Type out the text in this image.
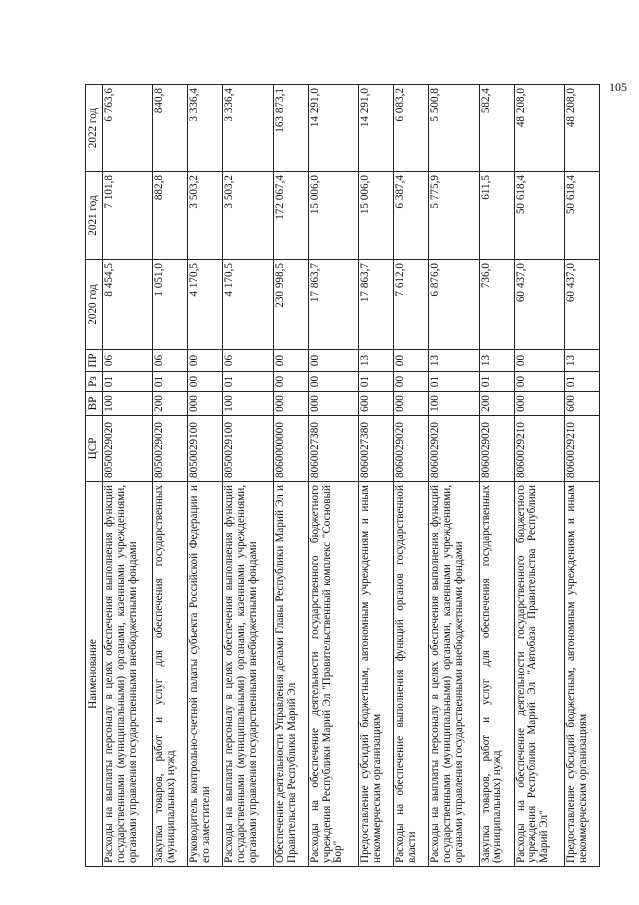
105
Наименование	ЦСР	ВР	Рз	ПР	2020 год	2021 год	2022 год
Расходы на выплаты персоналу в целях обеспечения выполнения функций государственными (муниципальными) органами, казенными учреждениями, органами управления государственными внебюджетными фондами	8050029020	100	01	06	8 454,5	7 101,8	6 763,6
Закупка товаров, работ и услуг для обеспечения государственных (муниципальных) нужд	8050029020	200	01	06	1 051,0	882,8	840,8
Руководитель контрольно-счетной палаты субъекта Российской Федерации и его заместители	8050029100	000	00	00	4 170,5	3 503,2	3 336,4
Расходы на выплаты персоналу в целях обеспечения выполнения функций государственными (муниципальными) органами, казенными учреждениями, органами управления государственными внебюджетными фондами	8050029100	100	01	06	4 170,5	3 503,2	3 336,4
Обеспечение деятельности Управления делами Главы Республики Марий Эл и Правительства Республики Марий Эл	8060000000	000	00	00	230 998,5	172 067,4	163 873,1
Расходы на обеспечение деятельности государственного бюджетного учреждения Республики Марий Эл "Правительственный комплекс "Сосновый Бор"	8060027380	000	00	00	17 863,7	15 006,0	14 291,0
Предоставление субсидий бюджетным, автономным учреждениям и иным некоммерческим организациям	8060027380	600	01	13	17 863,7	15 006,0	14 291,0
Расходы на обеспечение выполнения функций органов государственной власти	8060029020	000	00	00	7 612,0	6 387,4	6 083,2
Расходы на выплаты персоналу в целях обеспечения выполнения функций государственными (муниципальными) органами, казенными учреждениями, органами управления государственными внебюджетными фондами	8060029020	100	01	13	6 876,0	5 775,9	5 500,8
Закупка товаров, работ и услуг для обеспечения государственных (муниципальных) нужд	8060029020	200	01	13	736,0	611,5	582,4
Расходы на обеспечение деятельности государственного бюджетного учреждения Республики Марий Эл "Автобаза Правительства Республики Марий Эл"	8060029210	000	00	00	60 437,0	50 618,4	48 208,0
Предоставление субсидий бюджетным, автономным учреждениям и иным некоммерческим организациям	8060029210	600	01	13	60 437,0	50 618,4	48 208,0
